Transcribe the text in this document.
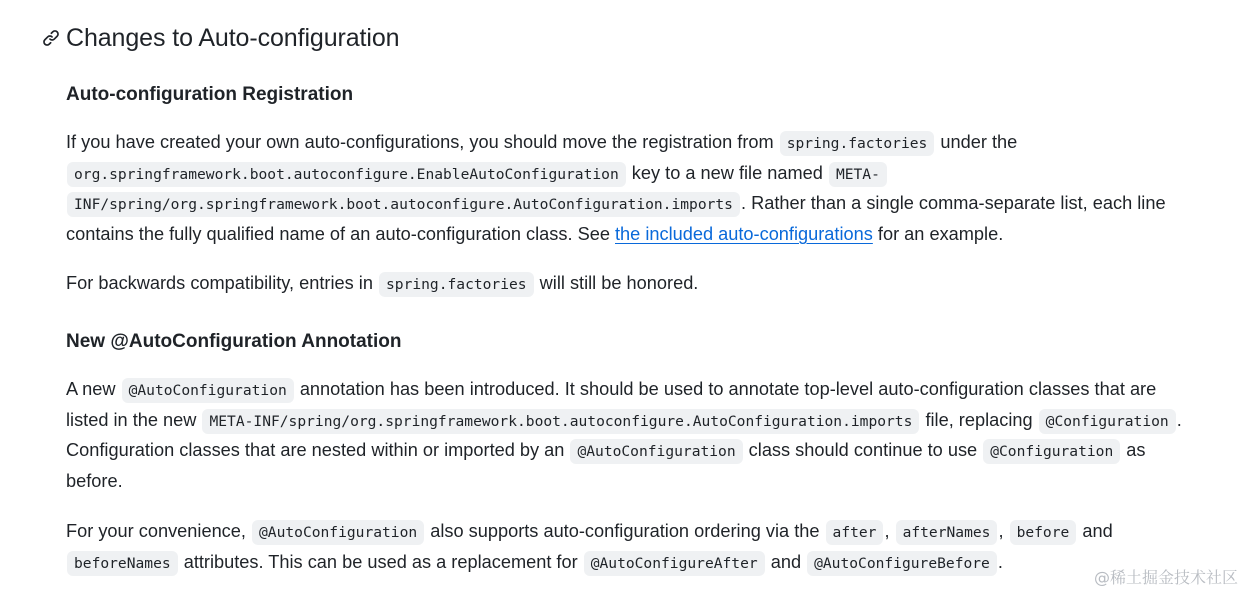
Changes to Auto-configuration
Auto-configuration Registration

If you have created your own auto-configurations, you should move the registration from spring.factories under the org.springframework.boot.autoconfigure.EnableAutoConfiguration key to a new file named META-INF/spring/org.springframework.boot.autoconfigure.AutoConfiguration.imports . Rather than a single comma-separate list, each line contains the fully qualified name of an auto-configuration class. See the included auto-configurations for an example.

For backwards compatibility, entries in spring.factories will still be honored.

New @AutoConfiguration Annotation

A new @AutoConfiguration annotation has been introduced. It should be used to annotate top-level auto-configuration classes that are listed in the new META-INF/spring/org.springframework.boot.autoconfigure.AutoConfiguration.imports file, replacing @Configuration . Configuration classes that are nested within or imported by an @AutoConfiguration class should continue to use @Configuration as before.

For your convenience, @AutoConfiguration also supports auto-configuration ordering via the after , afterNames , before and beforeNames attributes. This can be used as a replacement for @AutoConfigureAfter and @AutoConfigureBefore .

@稀土掘金技术社区
